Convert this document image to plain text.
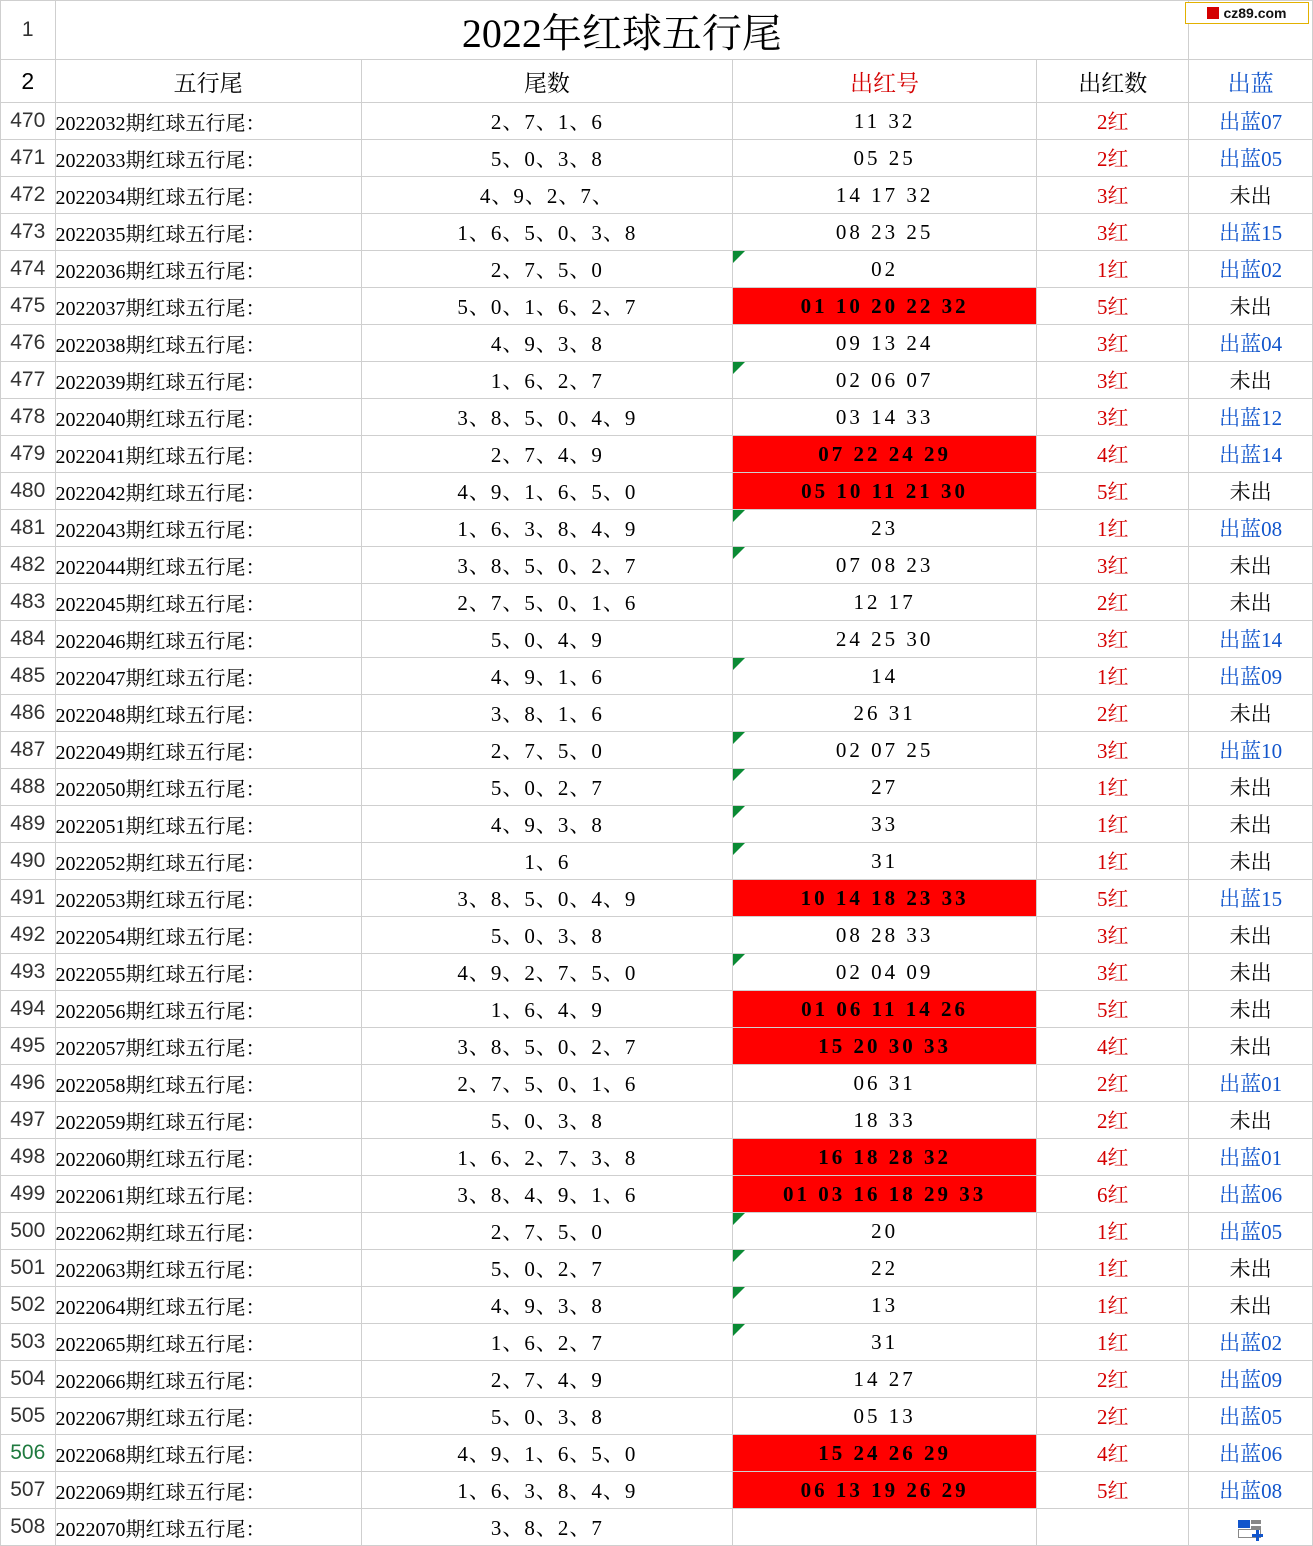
cz89.com
1	2022年红球五行尾				
2	五行尾	尾数	出红号	出红数	出蓝
470	2022032期红球五行尾：	2、7、1、6	11 32	2红	出蓝07
471	2022033期红球五行尾：	5、0、3、8	05 25	2红	出蓝05
472	2022034期红球五行尾：	4、9、2、7、	14 17 32	3红	未出
473	2022035期红球五行尾：	1、6、5、0、3、8	08 23 25	3红	出蓝15
474	2022036期红球五行尾：	2、7、5、0	02	1红	出蓝02
475	2022037期红球五行尾：	5、0、1、6、2、7	01 10 20 22 32	5红	未出
476	2022038期红球五行尾：	4、9、3、8	09 13 24	3红	出蓝04
477	2022039期红球五行尾：	1、6、2、7	02 06 07	3红	未出
478	2022040期红球五行尾：	3、8、5、0、4、9	03 14 33	3红	出蓝12
479	2022041期红球五行尾：	2、7、4、9	07 22 24 29	4红	出蓝14
480	2022042期红球五行尾：	4、9、1、6、5、0	05 10 11 21 30	5红	未出
481	2022043期红球五行尾：	1、6、3、8、4、9	23	1红	出蓝08
482	2022044期红球五行尾：	3、8、5、0、2、7	07 08 23	3红	未出
483	2022045期红球五行尾：	2、7、5、0、1、6	12 17	2红	未出
484	2022046期红球五行尾：	5、0、4、9	24 25 30	3红	出蓝14
485	2022047期红球五行尾：	4、9、1、6	14	1红	出蓝09
486	2022048期红球五行尾：	3、8、1、6	26 31	2红	未出
487	2022049期红球五行尾：	2、7、5、0	02 07 25	3红	出蓝10
488	2022050期红球五行尾：	5、0、2、7	27	1红	未出
489	2022051期红球五行尾：	4、9、3、8	33	1红	未出
490	2022052期红球五行尾：	1、6	31	1红	未出
491	2022053期红球五行尾：	3、8、5、0、4、9	10 14 18 23 33	5红	出蓝15
492	2022054期红球五行尾：	5、0、3、8	08 28 33	3红	未出
493	2022055期红球五行尾：	4、9、2、7、5、0	02 04 09	3红	未出
494	2022056期红球五行尾：	1、6、4、9	01 06 11 14 26	5红	未出
495	2022057期红球五行尾：	3、8、5、0、2、7	15 20 30 33	4红	未出
496	2022058期红球五行尾：	2、7、5、0、1、6	06 31	2红	出蓝01
497	2022059期红球五行尾：	5、0、3、8	18 33	2红	未出
498	2022060期红球五行尾：	1、6、2、7、3、8	16 18 28 32	4红	出蓝01
499	2022061期红球五行尾：	3、8、4、9、1、6	01 03 16 18 29 33	6红	出蓝06
500	2022062期红球五行尾：	2、7、5、0	20	1红	出蓝05
501	2022063期红球五行尾：	5、0、2、7	22	1红	未出
502	2022064期红球五行尾：	4、9、3、8	13	1红	未出
503	2022065期红球五行尾：	1、6、2、7	31	1红	出蓝02
504	2022066期红球五行尾：	2、7、4、9	14 27	2红	出蓝09
505	2022067期红球五行尾：	5、0、3、8	05 13	2红	出蓝05
506	2022068期红球五行尾：	4、9、1、6、5、0	15 24 26 29	4红	出蓝06
507	2022069期红球五行尾：	1、6、3、8、4、9	06 13 19 26 29	5红	出蓝08
508	2022070期红球五行尾：	3、8、2、7			
